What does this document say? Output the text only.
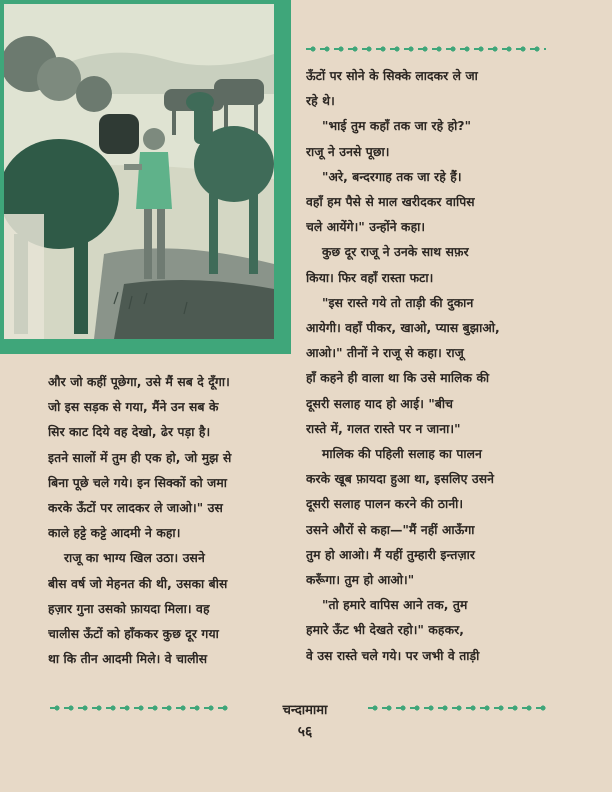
ऊँटों पर सोने के सिक्के लादकर ले जा
रहे थे।
"भाई तुम कहाँ तक जा रहे हो?"
राजू ने उनसे पूछा।
"अरे, बन्दरगाह तक जा रहे हैं।
वहाँ हम पैसे से माल खरीदकर वापिस
चले आयेंगे।" उन्होंने कहा।
कुछ दूर राजू ने उनके साथ सफ़र
किया। फिर वहाँ रास्ता फटा।
"इस रास्ते गये तो ताड़ी की दुकान
आयेगी। वहाँ पीकर, खाओ, प्यास बुझाओ,
आओ।" तीनों ने राजू से कहा। राजू
हाँ कहने ही वाला था कि उसे मालिक की
दूसरी सलाह याद हो आई। "बीच
रास्ते में, गलत रास्ते पर न जाना।"
मालिक की पहिली सलाह का पालन
करके खूब फ़ायदा हुआ था, इसलिए उसने
दूसरी सलाह पालन करने की ठानी।
उसने औरों से कहा—"मैं नहीं आऊँगा
तुम हो आओ। मैं यहीं तुम्हारी इन्तज़ार
करूँगा। तुम हो आओ।"
"तो हमारे वापिस आने तक, तुम
हमारे ऊँट भी देखते रहो।" कहकर,
वे उस रास्ते चले गये। पर जभी वे ताड़ी
और जो कहीं पूछेगा, उसे मैं सब दे दूँगा।
जो इस सड़क से गया, मैंने उन सब के
सिर काट दिये वह देखो, ढेर पड़ा है।
इतने सालों में तुम ही एक हो, जो मुझ से
बिना पूछे चले गये। इन सिक्कों को जमा
करके ऊँटों पर लादकर ले जाओ।" उस
काले हट्टे कट्टे आदमी ने कहा।
राजू का भाग्य खिल उठा। उसने
बीस वर्ष जो मेहनत की थी, उसका बीस
हज़ार गुना उसको फ़ायदा मिला। वह
चालीस ऊँटों को हाँककर कुछ दूर गया
था कि तीन आदमी मिले। वे चालीस
चन्दामामा
५६
